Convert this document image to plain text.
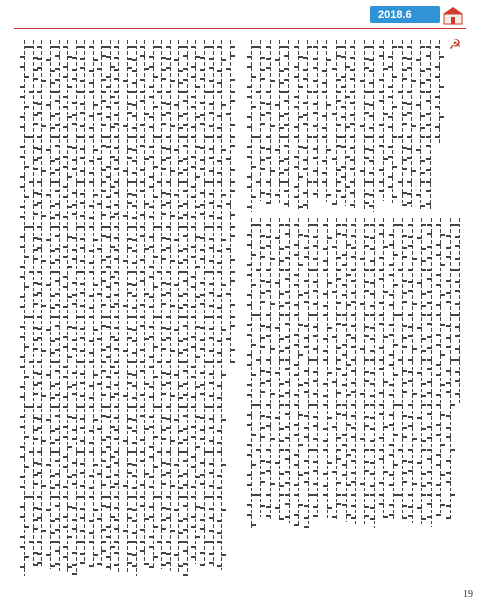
2018.6
☭
19
